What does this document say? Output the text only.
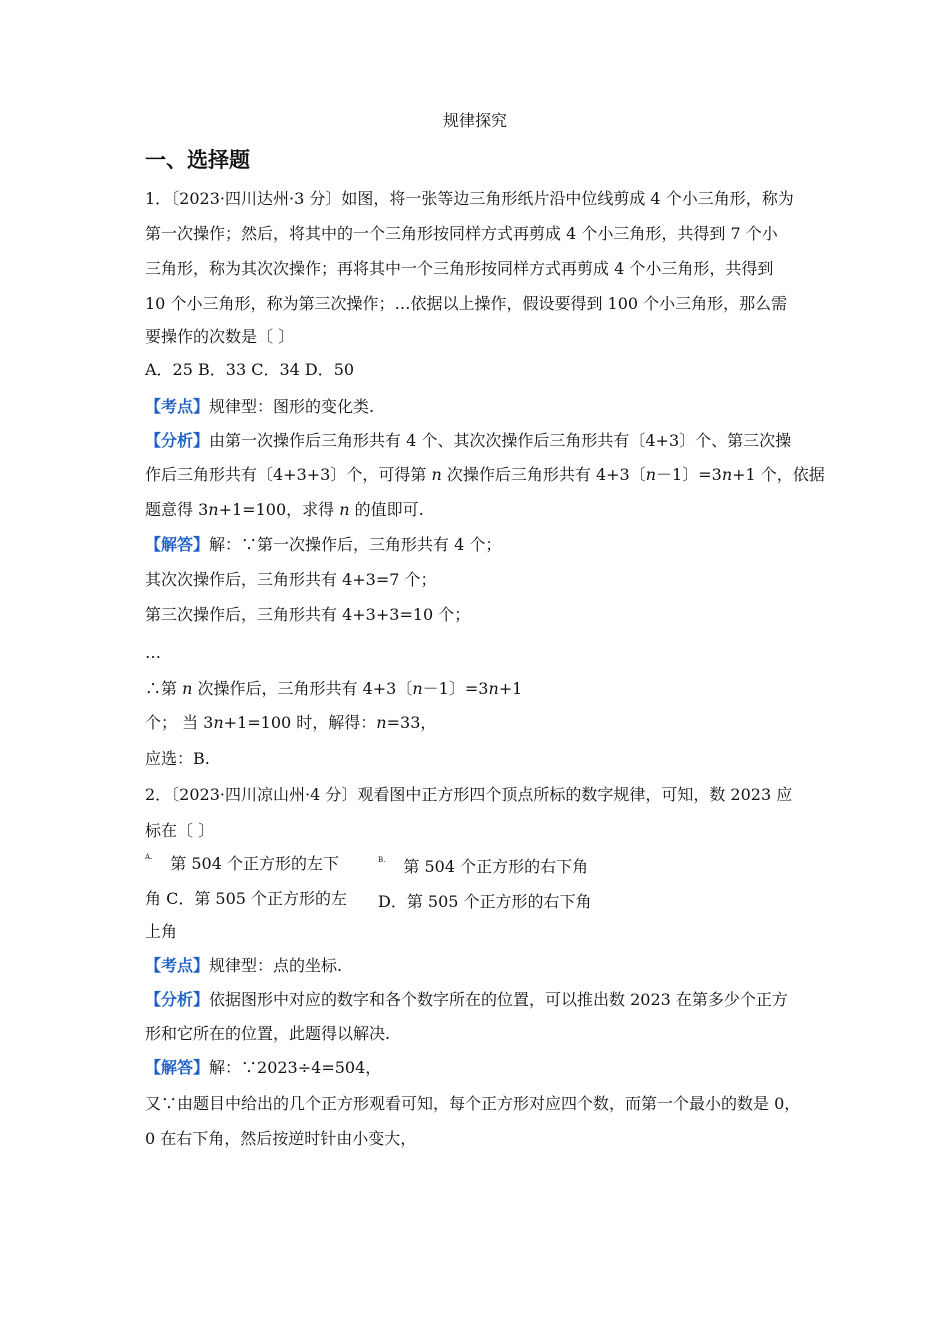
规律探究
一、选择题
1．〔2023·四川达州·3 分〕如图，将一张等边三角形纸片沿中位线剪成 4 个小三角形，称为
第一次操作；然后，将其中的一个三角形按同样方式再剪成 4 个小三角形，共得到 7 个小
三角形，称为其次次操作；再将其中一个三角形按同样方式再剪成 4 个小三角形，共得到
10 个小三角形，称为第三次操作；…依据以上操作，假设要得到 100 个小三角形，那么需
要操作的次数是〔 〕
A．25 B．33 C．34 D．50
【考点】规律型：图形的变化类.
【分析】由第一次操作后三角形共有 4 个、其次次操作后三角形共有〔4+3〕个、第三次操
作后三角形共有〔4+3+3〕个，可得第 n 次操作后三角形共有 4+3〔n－1〕=3n+1 个，依据
题意得 3n+1=100，求得 n 的值即可.
【解答】解：∵第一次操作后，三角形共有 4 个；
其次次操作后，三角形共有 4+3=7 个；
第三次操作后，三角形共有 4+3+3=10 个；
…
∴第 n 次操作后，三角形共有 4+3〔n－1〕=3n+1
个； 当 3n+1=100 时，解得：n=33，
应选：B.
2．〔2023·四川凉山州·4 分〕观看图中正方形四个顶点所标的数字规律，可知，数 2023 应
标在〔 〕
$^{A.}$ 第 504 个正方形的左下	$^{B.}$ 第 504 个正方形的右下角
角 C．第 505 个正方形的左 D．第 505 个正方形的右下角
上角
【考点】规律型：点的坐标.
【分析】依据图形中对应的数字和各个数字所在的位置，可以推出数 2023 在第多少个正方
形和它所在的位置，此题得以解决.
【解答】解：∵2023÷4=504，
又∵由题目中给出的几个正方形观看可知，每个正方形对应四个数，而第一个最小的数是 0，
0 在右下角，然后按逆时针由小变大，
